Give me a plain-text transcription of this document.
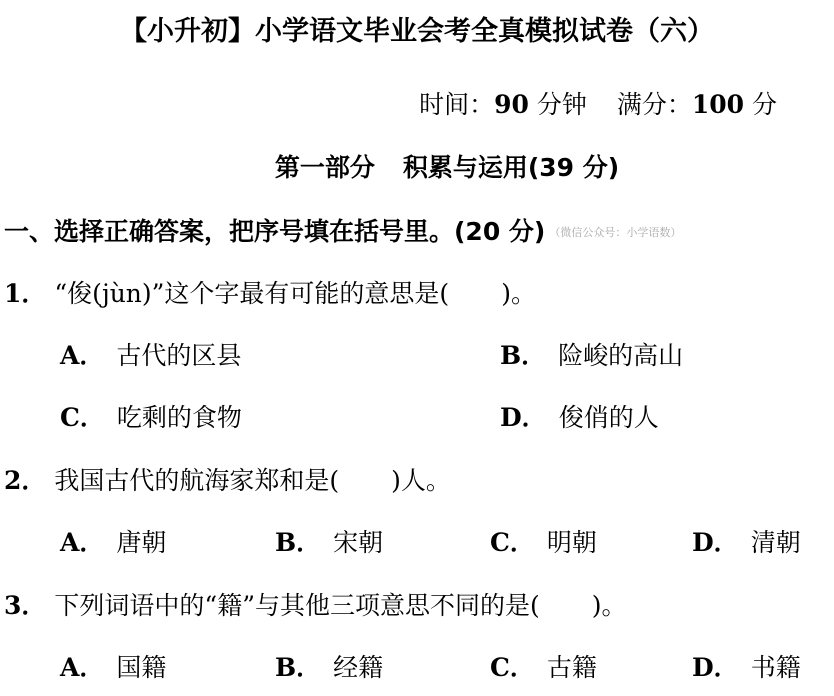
【小升初】小学语文毕业会考全真模拟试卷（六）
时间：90 分钟 满分：100 分
第一部分 积累与运用(39 分)
一、选择正确答案，把序号填在括号里。(20 分) （微信公众号：小学语数）
1． “俊(jùn)”这个字最有可能的意思是( )。
A． 古代的区县	B． 险峻的高山
C． 吃剩的食物	D． 俊俏的人
2． 我国古代的航海家郑和是( )人。
A． 唐朝	B． 宋朝	C． 明朝	D． 清朝
3． 下列词语中的“籍”与其他三项意思不同的是( )。
A． 国籍	B． 经籍	C． 古籍	D． 书籍
